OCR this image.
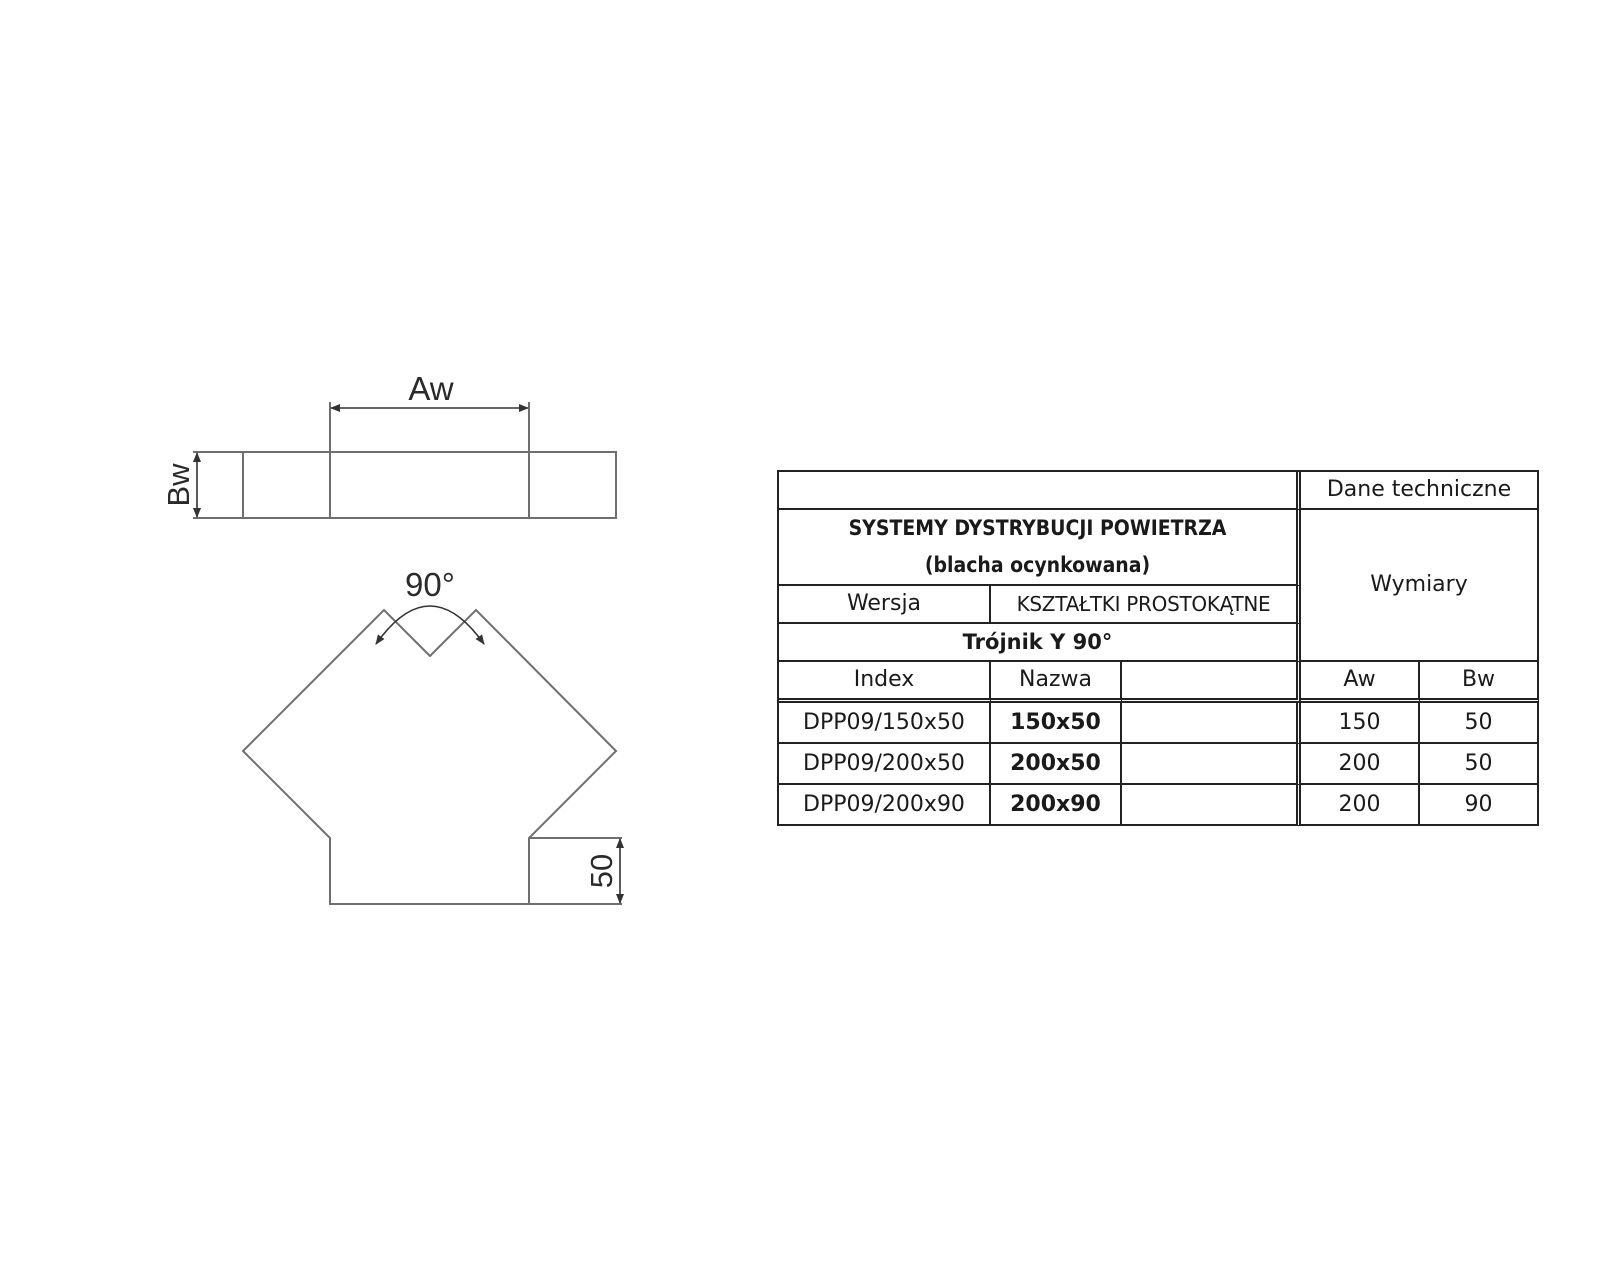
Aw
Bw
90°
50
			Dane techniczne	
SYSTEMY DYSTRYBUCJI POWIETRZA
(blacha ocynkowana)			Wymiary	
Wersja	KSZTAŁTKI PROSTOKĄTNE			
Trójnik Y 90°				
Index	Nazwa		Aw	Bw
DPP09/150x50	150x50		150	50
DPP09/200x50	200x50		200	50
DPP09/200x90	200x90		200	90
